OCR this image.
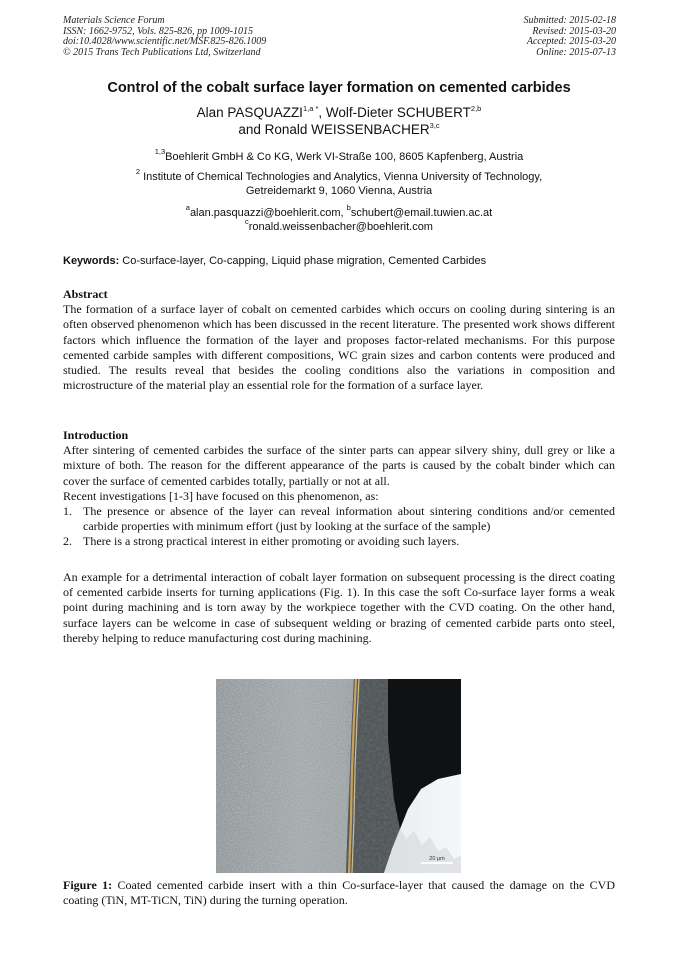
Materials Science Forum
ISSN: 1662-9752, Vols. 825-826, pp 1009-1015
doi:10.4028/www.scientific.net/MSF.825-826.1009
© 2015 Trans Tech Publications Ltd, Switzerland
Submitted: 2015-02-18
Revised: 2015-03-20
Accepted: 2015-03-20
Online: 2015-07-13
Control of the cobalt surface layer formation on cemented carbides
Alan $PASQUAZZI^{1,a *}$, Wolf-Dieter SCHUBERT$^{2,b}$
and Ronald WEISSENBACHER$^{3,c}$
$^{1,3}$Boehlerit GmbH & Co KG, Werk VI-Straße 100, 8605 Kapfenberg, Austria
$^2$ Institute of Chemical Technologies and Analytics, Vienna University of Technology,
Getreidemarkt 9, 1060 Vienna, Austria
$^a$alan.pasquazzi@boehlerit.com, $^b$schubert@email.tuwien.ac.at
$^c$ronald.weissenbacher@boehlerit.com
Keywords: Co-surface-layer, Co-capping, Liquid phase migration, Cemented Carbides
Abstract

The formation of a surface layer of cobalt on cemented carbides which occurs on cooling during sintering is an often observed phenomenon which has been discussed in the recent literature. The presented work shows different factors which influence the formation of the layer and proposes factor-related mechanisms. For this purpose cemented carbide samples with different compositions, WC grain sizes and carbon contents were produced and studied. The results reveal that besides the cooling conditions also the variations in composition and microstructure of the material play an essential role for the formation of a surface layer.

Introduction

After sintering of cemented carbides the surface of the sinter parts can appear silvery shiny, dull grey or like a mixture of both. The reason for the different appearance of the parts is caused by the cobalt binder which can cover the surface of cemented carbides totally, partially or not at all.

Recent investigations [1-3] have focused on this phenomenon, as:

1. The presence or absence of the layer can reveal information about sintering conditions and/or cemented carbide properties with minimum effort (just by looking at the surface of the sample)
2. There is a strong practical interest in either promoting or avoiding such layers.

An example for a detrimental interaction of cobalt layer formation on subsequent processing is the direct coating of cemented carbide inserts for turning applications (Fig. 1). In this case the soft Co-surface layer forms a weak point during machining and is torn away by the workpiece together with the CVD coating. On the other hand, surface layers can be welcome in case of subsequent welding or brazing of cemented carbide parts onto steel, thereby helping to reduce manufacturing cost during machining.

20 µm
Figure 1: Coated cemented carbide insert with a thin Co-surface-layer that caused the damage on the CVD coating (TiN, MT-TiCN, TiN) during the turning operation.
